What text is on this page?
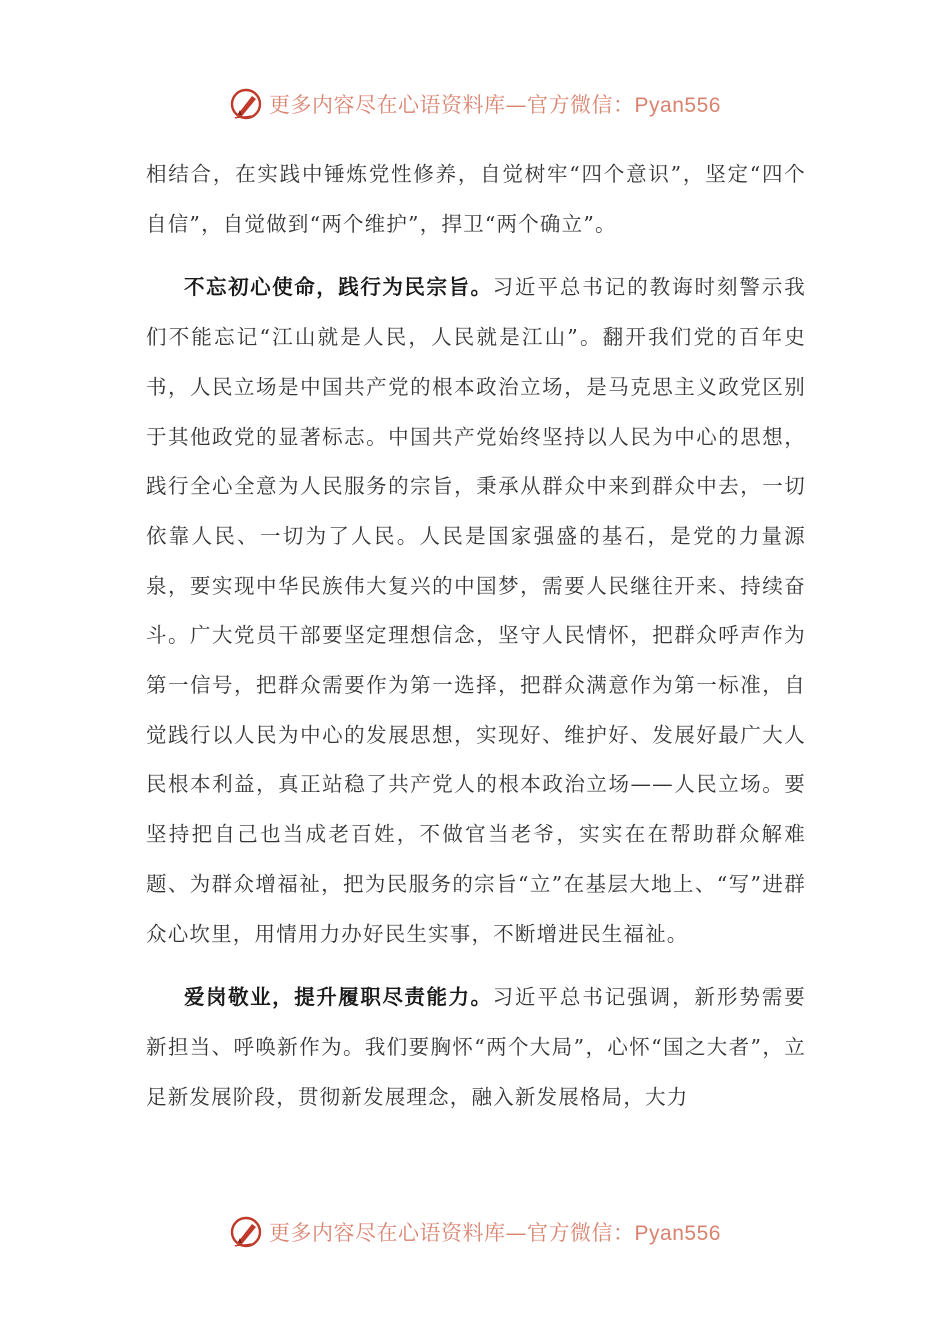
更多内容尽在心语资料库—官方微信：Pyan556

相结合，在实践中锤炼党性修养，自觉树牢“四个意识”，坚定“四个自信”，自觉做到“两个维护”，捍卫“两个确立”。

不忘初心使命，践行为民宗旨。习近平总书记的教诲时刻警示我们不能忘记“江山就是人民，人民就是江山”。翻开我们党的百年史书，人民立场是中国共产党的根本政治立场，是马克思主义政党区别于其他政党的显著标志。中国共产党始终坚持以人民为中心的思想，践行全心全意为人民服务的宗旨，秉承从群众中来到群众中去，一切依靠人民、一切为了人民。人民是国家强盛的基石，是党的力量源泉，要实现中华民族伟大复兴的中国梦，需要人民继往开来、持续奋斗。广大党员干部要坚定理想信念，坚守人民情怀，把群众呼声作为第一信号，把群众需要作为第一选择，把群众满意作为第一标准，自觉践行以人民为中心的发展思想，实现好、维护好、发展好最广大人民根本利益，真正站稳了共产党人的根本政治立场——人民立场。要坚持把自己也当成老百姓，不做官当老爷，实实在在帮助群众解难题、为群众增福祉，把为民服务的宗旨“立”在基层大地上、“写”进群众心坎里，用情用力办好民生实事，不断增进民生福祉。

爱岗敬业，提升履职尽责能力。习近平总书记强调，新形势需要新担当、呼唤新作为。我们要胸怀“两个大局”，心怀“国之大者”，立足新发展阶段，贯彻新发展理念，融入新发展格局，大力

更多内容尽在心语资料库—官方微信：Pyan556
